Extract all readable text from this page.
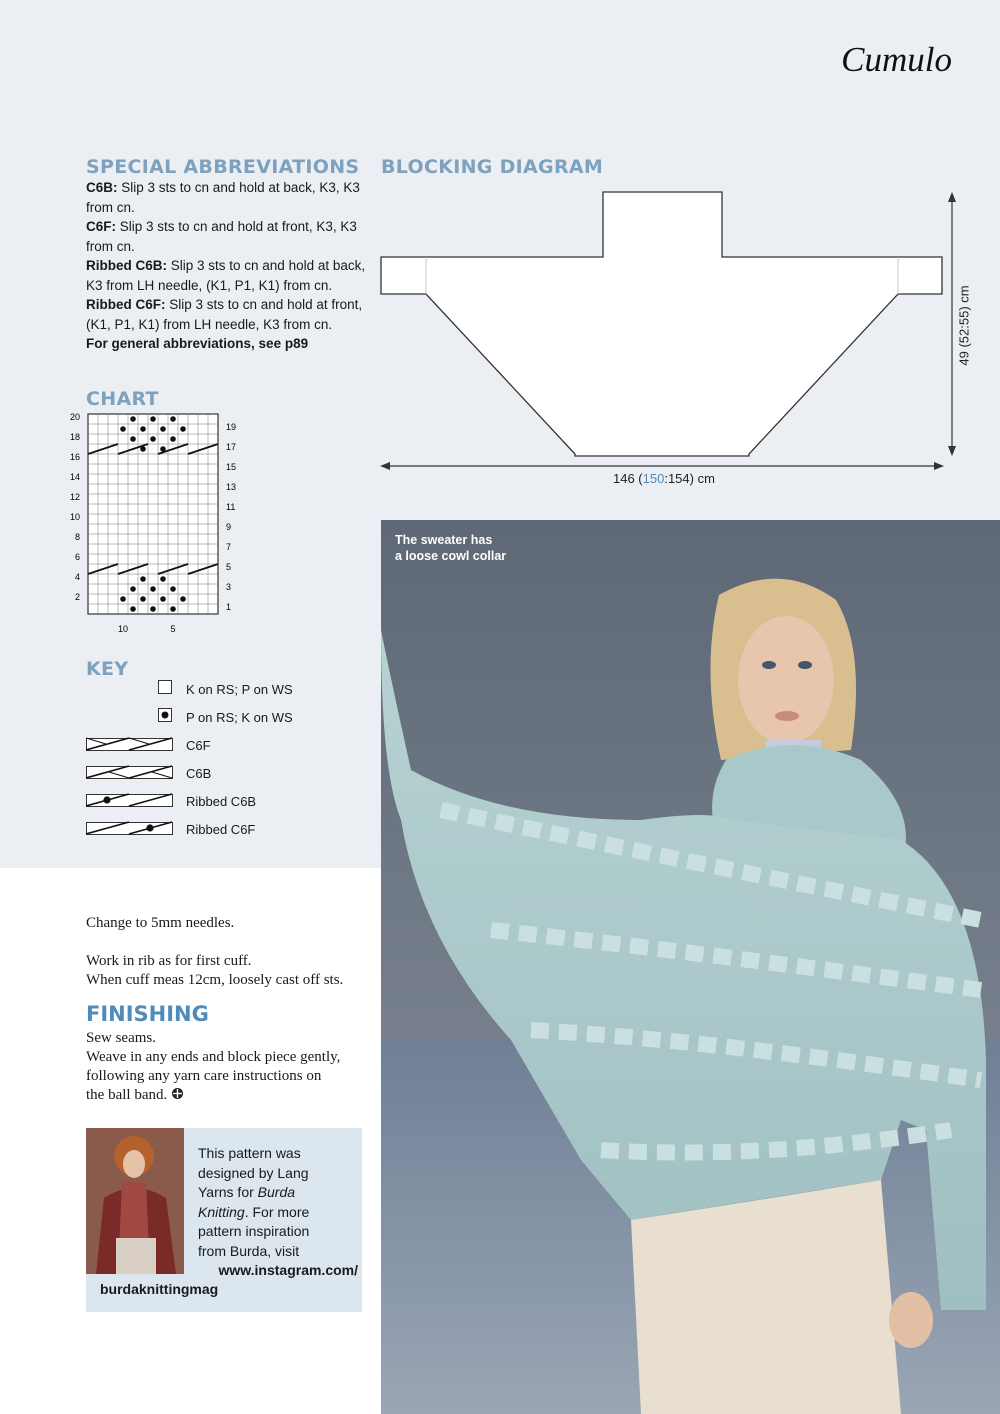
Cumulo
SPECIAL ABBREVIATIONS

C6B: Slip 3 sts to cn and hold at back, K3, K3 from cn.

C6F: Slip 3 sts to cn and hold at front, K3, K3 from cn.

Ribbed C6B: Slip 3 sts to cn and hold at back, K3 from LH needle, (K1, P1, K1) from cn.

Ribbed C6F: Slip 3 sts to cn and hold at front, (K1, P1, K1) from LH needle, K3 from cn.

For general abbreviations, see p89

CHART
20
18
16
14
12
10
8
6
4
2
19
17
15
13
11
9
7
5
3
1
10	5
KEY
K on RS; P on WS
P on RS; K on WS
C6F
C6B
Ribbed C6B
Ribbed C6F
BLOCKING DIAGRAM
49 (52:55) cm
146 (150:154) cm
Change to 5mm needles.
Work in rib as for first cuff.
When cuff meas 12cm, loosely cast off sts.
FINISHING
Sew seams.
Weave in any ends and block piece gently,
following any yarn care instructions on
the ball band.
This pattern was
designed by Lang
Yarns for Burda
Knitting. For more
pattern inspiration
from Burda, visit
www.instagram.com/
burdaknittingmag
The sweater has
a loose cowl collar
